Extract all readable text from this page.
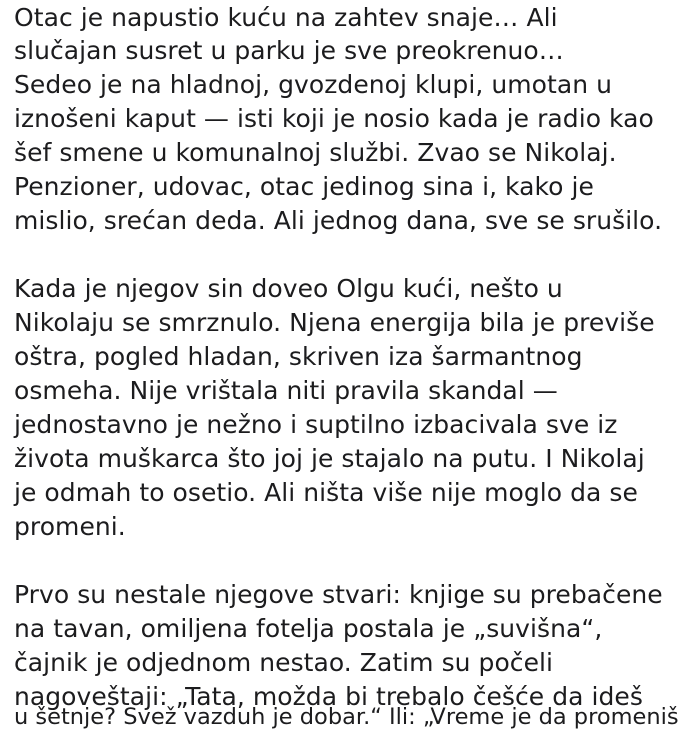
Otac je napustio kuću na zahtev snaje… Ali

slučajan susret u parku je sve preokrenuo…

Sedeo je na hladnoj, gvozdenoj klupi, umotan u

iznošeni kaput — isti koji je nosio kada je radio kao

šef smene u komunalnoj službi. Zvao se Nikolaj.

Penzioner, udovac, otac jedinog sina i, kako je

mislio, srećan deda. Ali jednog dana, sve se srušilo.

Kada je njegov sin doveo Olgu kući, nešto u

Nikolaju se smrznulo. Njena energija bila je previše

oštra, pogled hladan, skriven iza šarmantnog

osmeha. Nije vrištala niti pravila skandal —

jednostavno je nežno i suptilno izbacivala sve iz

života muškarca što joj je stajalo na putu. I Nikolaj

je odmah to osetio. Ali ništa više nije moglo da se

promeni.

Prvo su nestale njegove stvari: knjige su prebačene

na tavan, omiljena fotelja postala je „suvišna“,

čajnik je odjednom nestao. Zatim su počeli

nagoveštaji: „Tata, možda bi trebalo češće da ideš

u šetnje? Svež vazduh je dobar.“ Ili: „Vreme je da promeniš
